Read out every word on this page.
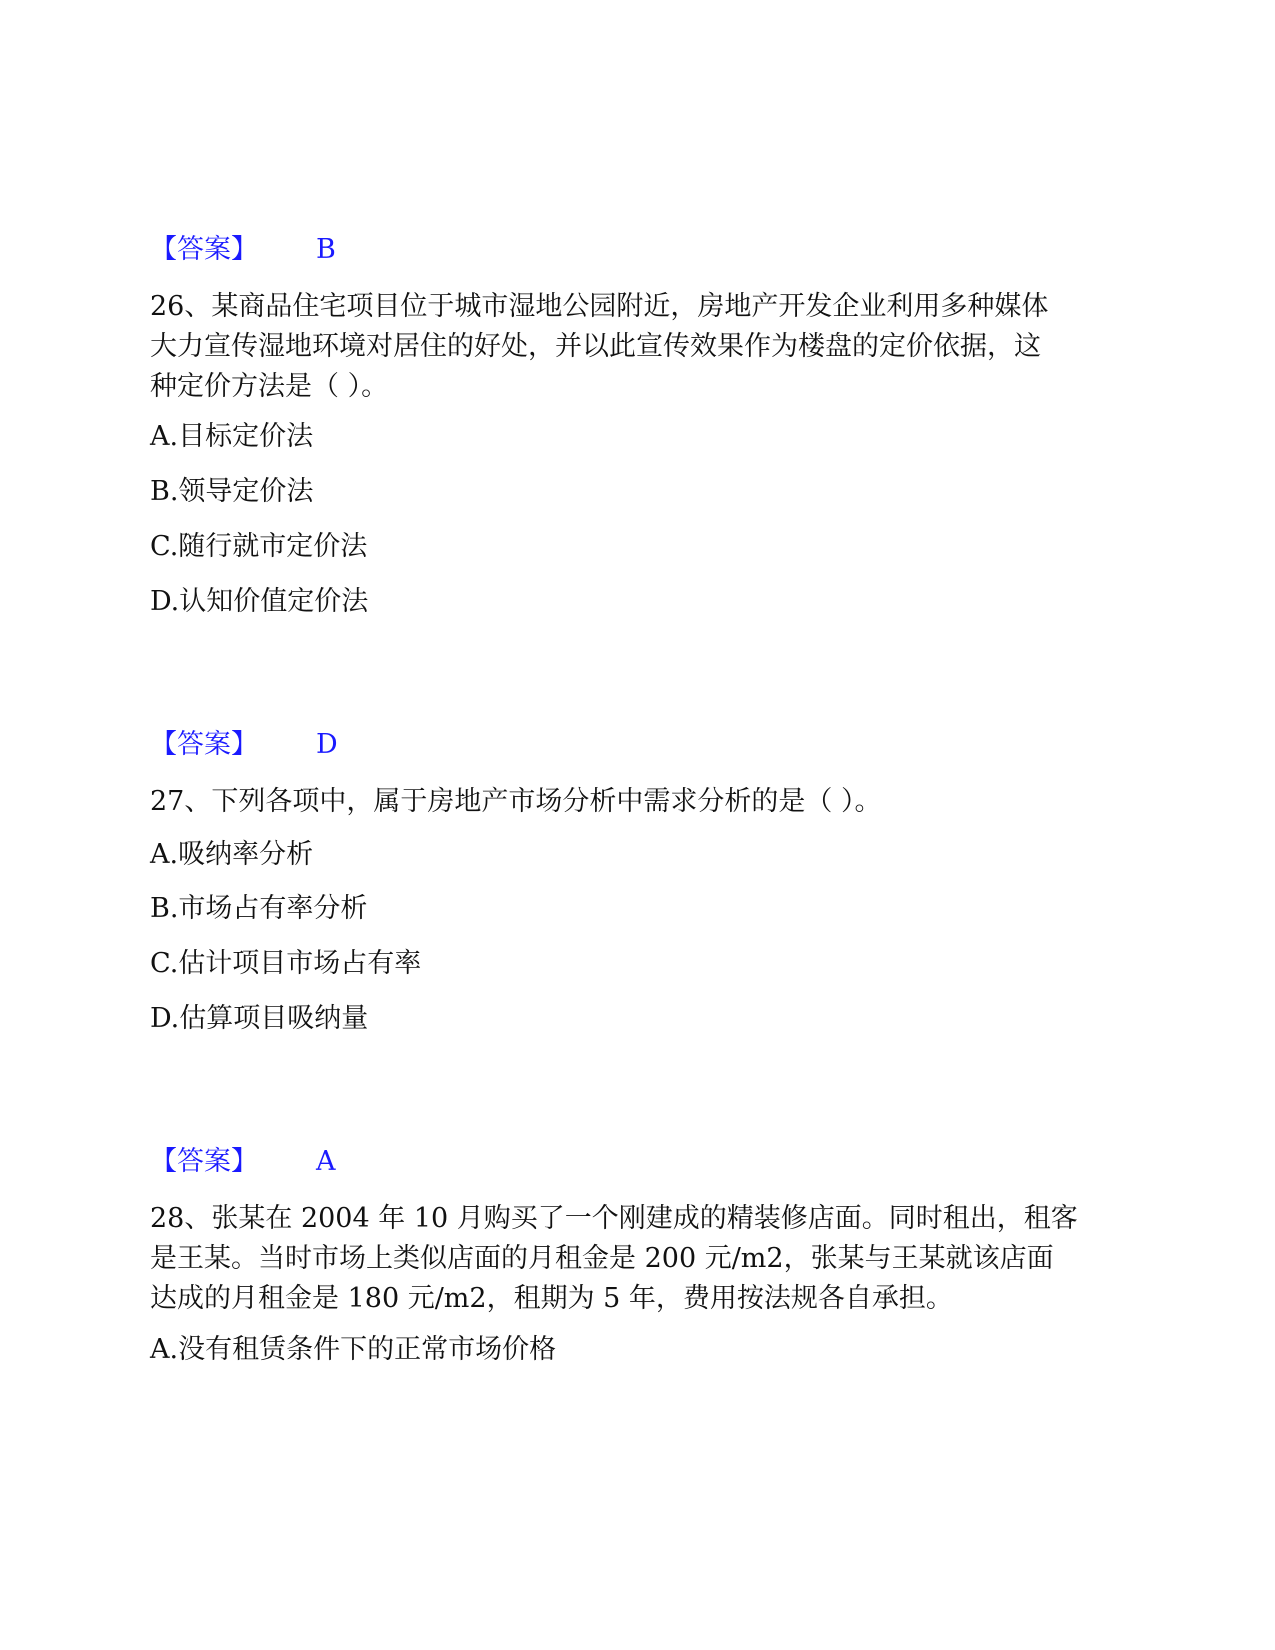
【答案】 B
26、某商品住宅项目位于城市湿地公园附近，房地产开发企业利用多种媒体
大力宣传湿地环境对居住的好处，并以此宣传效果作为楼盘的定价依据，这
种定价方法是（ ）。
A.目标定价法
B.领导定价法
C.随行就市定价法
D.认知价值定价法
【答案】 D
27、下列各项中，属于房地产市场分析中需求分析的是（ ）。
A.吸纳率分析
B.市场占有率分析
C.估计项目市场占有率
D.估算项目吸纳量
【答案】 A
28、张某在 2004 年 10 月购买了一个刚建成的精装修店面。同时租出，租客
是王某。当时市场上类似店面的月租金是 200 元/m2，张某与王某就该店面
达成的月租金是 180 元/m2，租期为 5 年，费用按法规各自承担。
A.没有租赁条件下的正常市场价格
